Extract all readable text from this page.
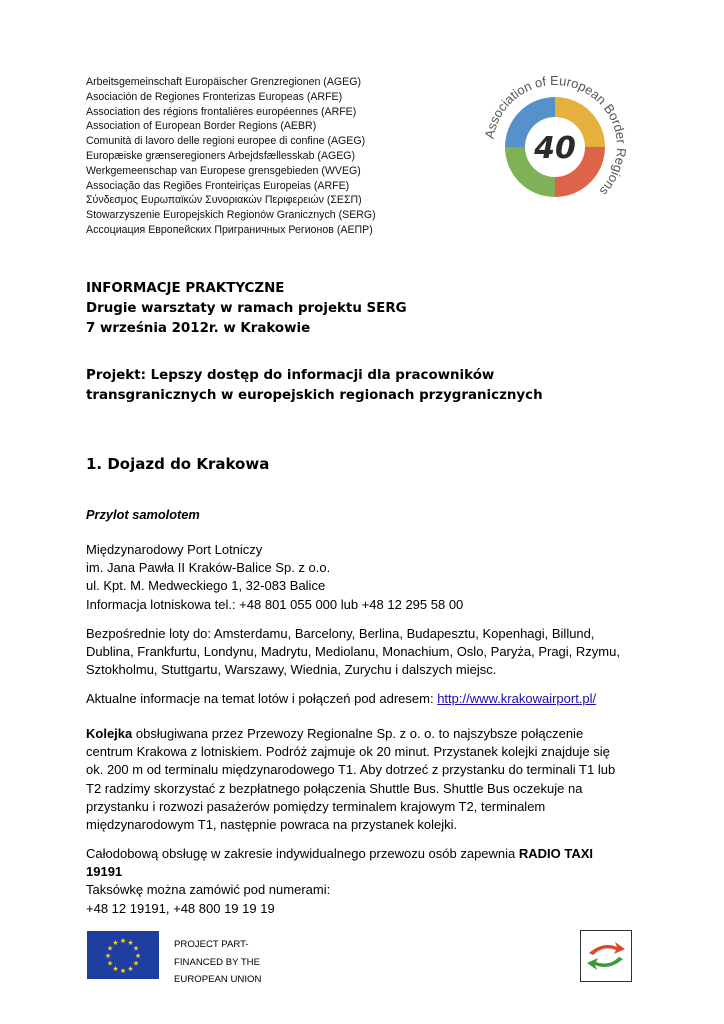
Arbeitsgemeinschaft Europäischer Grenzregionen (AGEG)
Asociación de Regiones Fronterizas Europeas (ARFE)
Association des régions frontalières européennes (ARFE)
Association of European Border Regions (AEBR)
Comunità di lavoro delle regioni europee di confine (AGEG)
Europæiske grænseregioners Arbejdsfællesskab (AGEG)
Werkgemeenschap van Europese grensgebieden (WVEG)
Associação das Regiões Fronteiriças Europeias (ARFE)
Σύνδεσμος Ευρωπαϊκών Συνοριακών Περιφερειών (ΣΕΣΠ)
Stowarzyszenie Europejskich Regionów Granicznych (SERG)
Ассоциация Европейских Приграничных Регионов (АЕПР)
40
Association of European Border Regions
INFORMACJE PRAKTYCZNE
Drugie warsztaty w ramach projektu SERG
7 września 2012r. w Krakowie
Projekt: Lepszy dostęp do informacji dla pracowników
transgranicznych w europejskich regionach przygranicznych
1. Dojazd do Krakowa
Przylot samolotem
Międzynarodowy Port Lotniczy
im. Jana Pawła II Kraków-Balice Sp. z o.o.
ul. Kpt. M. Medweckiego 1, 32-083 Balice
Informacja lotniskowa tel.: +48 801 055 000 lub +48 12 295 58 00
Bezpośrednie loty do: Amsterdamu, Barcelony, Berlina, Budapesztu, Kopenhagi, Billund,
Dublina, Frankfurtu, Londynu, Madrytu, Mediolanu, Monachium, Oslo, Paryża, Pragi, Rzymu,
Sztokholmu, Stuttgartu, Warszawy, Wiednia, Zurychu i dalszych miejsc.
Aktualne informacje na temat lotów i połączeń pod adresem: http://www.krakowairport.pl/
Kolejka obsługiwana przez Przewozy Regionalne Sp. z o. o. to najszybsze połączenie
centrum Krakowa z lotniskiem. Podróż zajmuje ok 20 minut. Przystanek kolejki znajduje się
ok. 200 m od terminalu międzynarodowego T1. Aby dotrzeć z przystanku do terminali T1 lub
T2 radzimy skorzystać z bezpłatnego połączenia Shuttle Bus. Shuttle Bus oczekuje na
przystanku i rozwozi pasażerów pomiędzy terminalem krajowym T2, terminalem
międzynarodowym T1, następnie powraca na przystanek kolejki.
Całodobową obsługę w zakresie indywidualnego przewozu osób zapewnia RADIO TAXI
19191
Taksówkę można zamówić pod numerami:
+48 12 19191, +48 800 19 19 19
★ ★
★
★
★
★
★
★
★
★
★
★	PROJECT PART-
FINANCED BY THE
EUROPEAN UNION
